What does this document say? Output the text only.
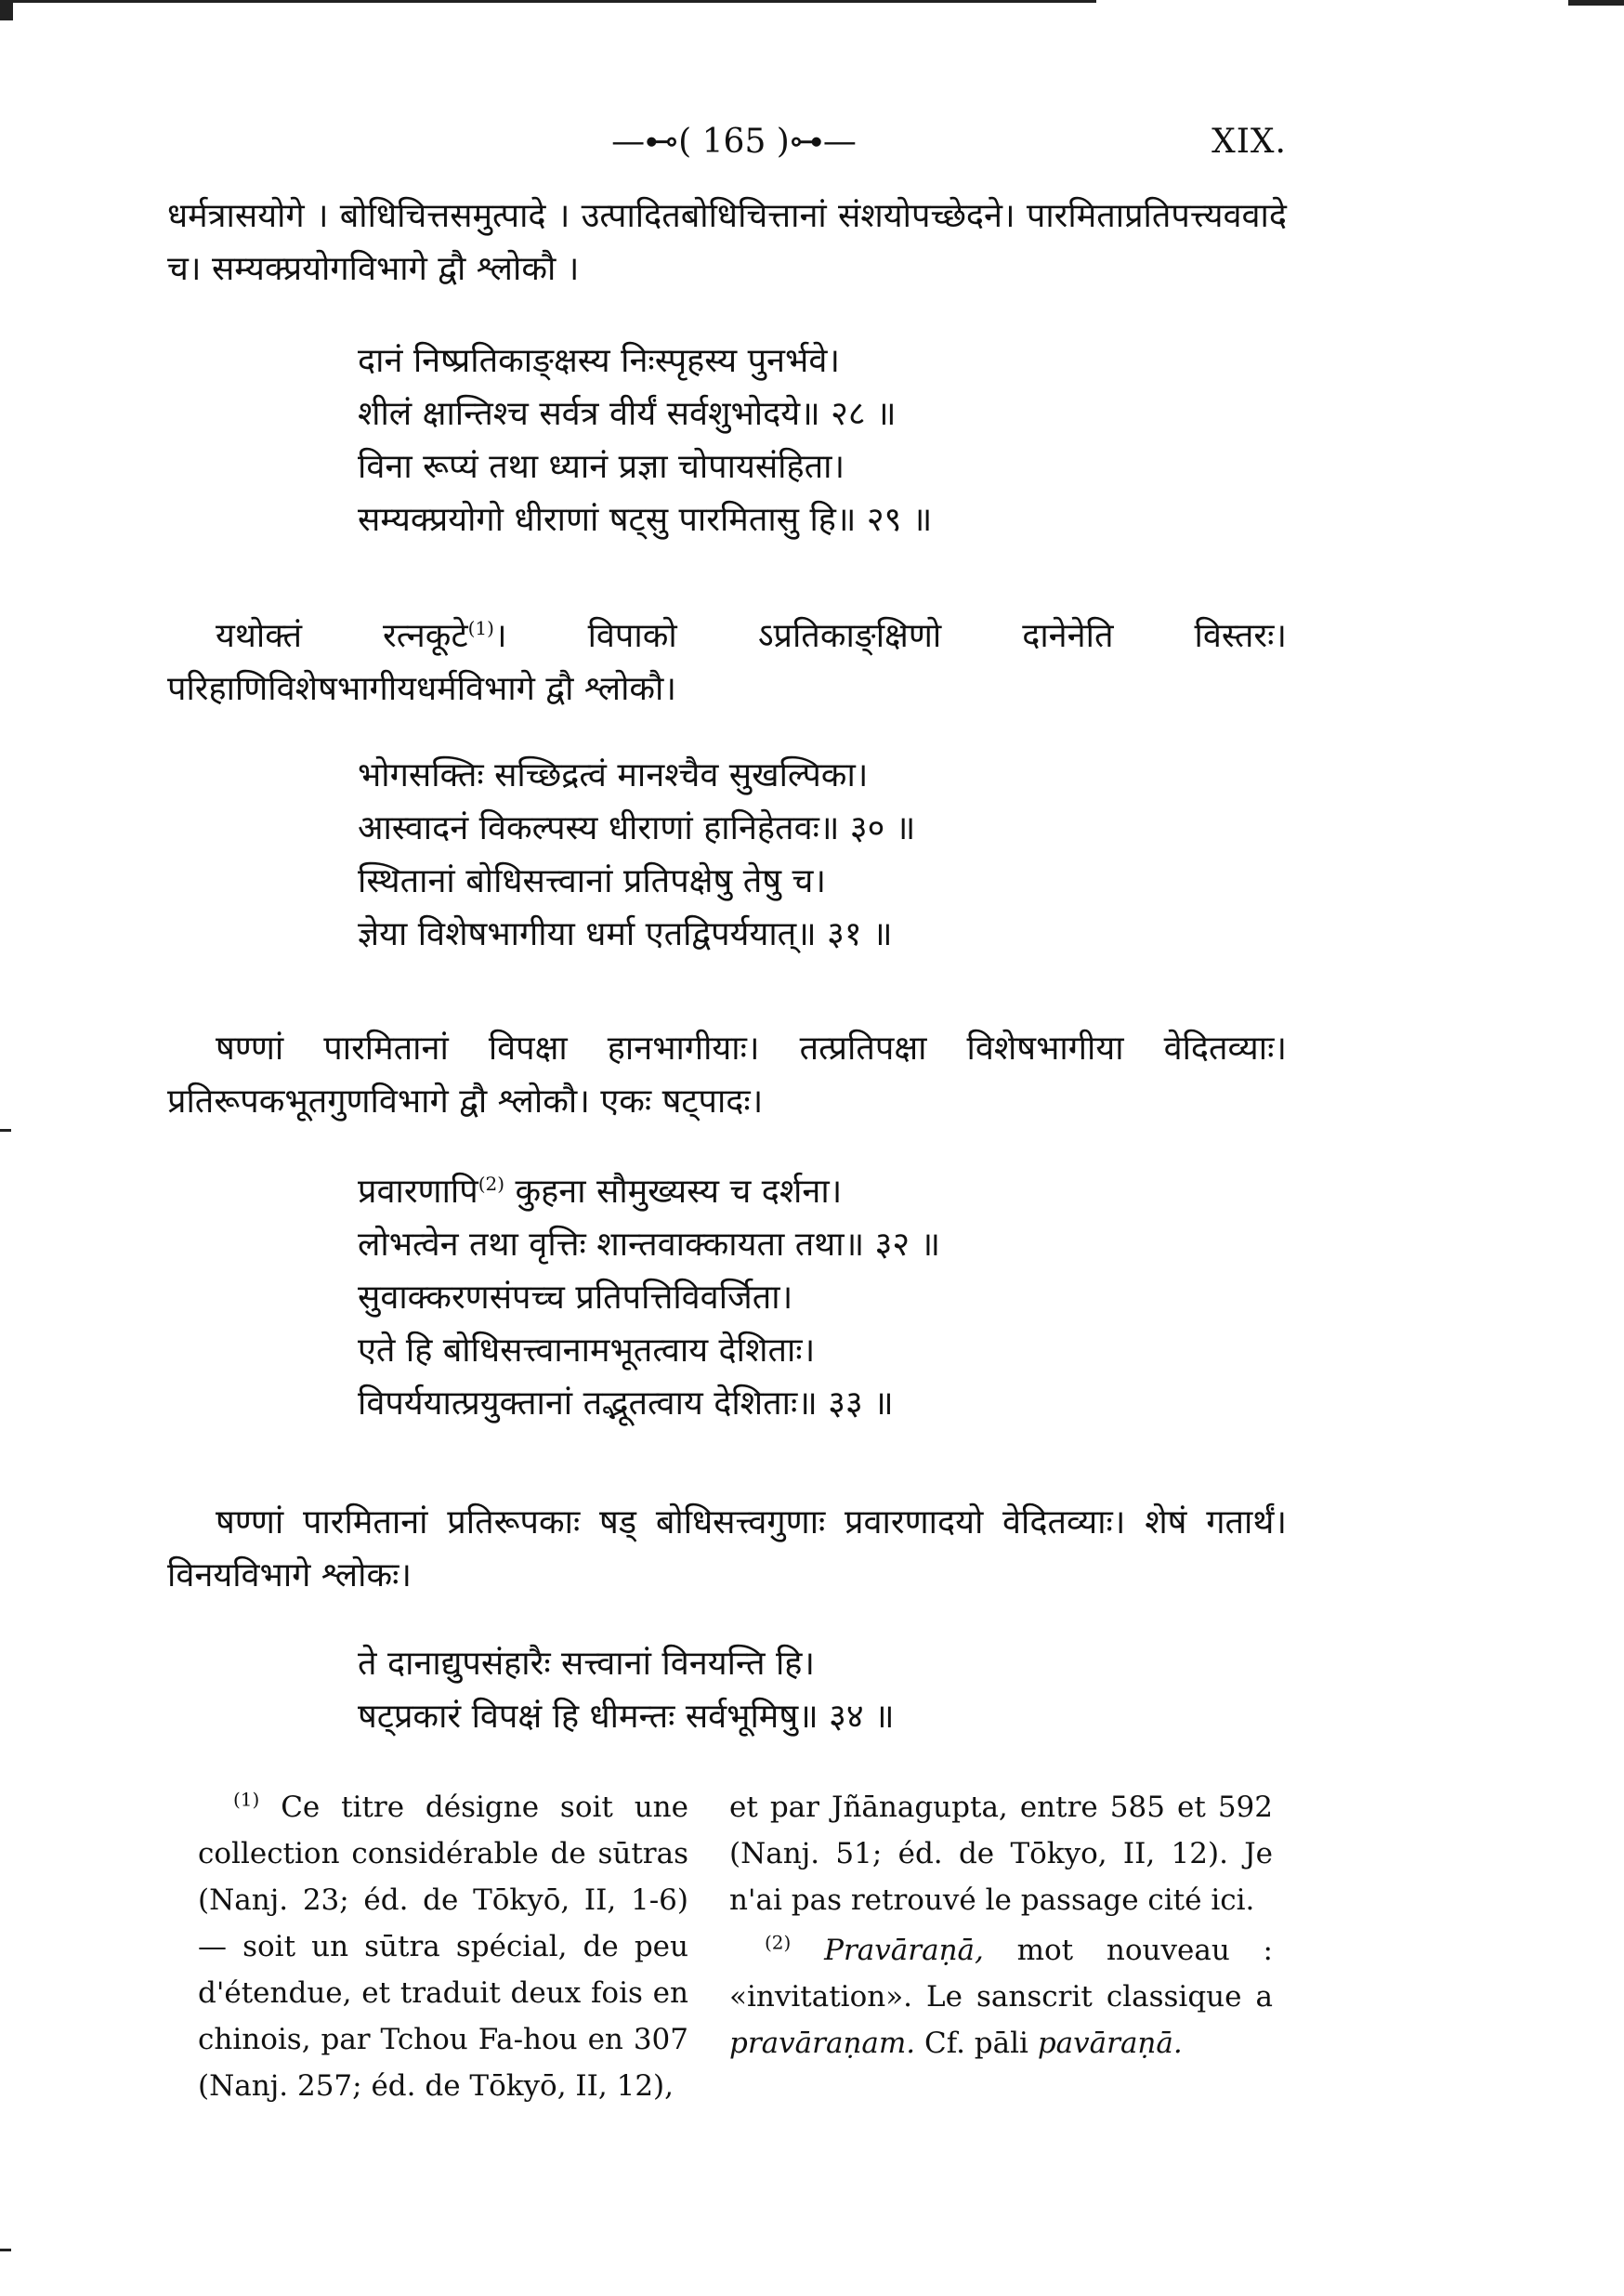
—⊷( 165 )⊶—	XIX.

धर्मत्रासयोगे । बोधिचित्तसमुत्पादे । उत्पादितबोधिचित्तानां संशयोपच्छेदने। पारमिताप्रतिपत्त्यववादे च। सम्यक्प्रयोगविभागे द्वौ श्लोकौ ।

दानं निष्प्रतिकाङ्क्षस्य निःस्पृहस्य पुनर्भवे।

शीलं क्षान्तिश्च सर्वत्र वीर्यं सर्वशुभोदये॥ २८ ॥

विना रूप्यं तथा ध्यानं प्रज्ञा चोपायसंहिता।

सम्यक्प्रयोगो धीराणां षट्सु पारमितासु हि॥ २९ ॥

यथोक्तं रत्नकूटे$^{(1)}$। विपाको ऽप्रतिकाङ्क्षिणो दानेनेति विस्तरः। परिहाणिविशेषभागीयधर्मविभागे द्वौ श्लोकौ।

भोगसक्तिः सच्छिद्रत्वं मानश्चैव सुखल्पिका।

आस्वादनं विकल्पस्य धीराणां हानिहेतवः॥ ३० ॥

स्थितानां बोधिसत्त्वानां प्रतिपक्षेषु तेषु च।

ज्ञेया विशेषभागीया धर्मा एतद्विपर्ययात्॥ ३१ ॥

षण्णां पारमितानां विपक्षा हानभागीयाः। तत्प्रतिपक्षा विशेषभागीया वेदितव्याः। प्रतिरूपकभूतगुणविभागे द्वौ श्लोकौ। एकः षट्पादः।

प्रवारणापि$^{(2)}$ कुहना सौमुख्यस्य च दर्शना।

लोभत्वेन तथा वृत्तिः शान्तवाक्कायता तथा॥ ३२ ॥

सुवाक्करणसंपच्च प्रतिपत्तिविवर्जिता।

एते हि बोधिसत्त्वानामभूतत्वाय देशिताः।

विपर्ययात्प्रयुक्तानां तद्भूतत्वाय देशिताः॥ ३३ ॥

षण्णां पारमितानां प्रतिरूपकाः षड् बोधिसत्त्वगुणाः प्रवारणादयो वेदितव्याः। शेषं गतार्थं। विनयविभागे श्लोकः।

ते दानाद्युपसंहारैः सत्त्वानां विनयन्ति हि।

षट्प्रकारं विपक्षं हि धीमन्तः सर्वभूमिषु॥ ३४ ॥

$^{(1)}$ Ce titre désigne soit une collection considérable de sūtras (Nanj. 23; éd. de Tōkyō, II, 1-6) — soit un sūtra spécial, de peu d'étendue, et traduit deux fois en chinois, par Tchou Fa-hou en 307 (Nanj. 257; éd. de Tōkyō, II, 12),

et par Jñānagupta, entre 585 et 592 (Nanj. 51; éd. de Tōkyo, II, 12). Je n'ai pas retrouvé le passage cité ici.

$^{(2)}$ Pravāraṇā, mot nouveau : «invitation». Le sanscrit classique a pravāraṇam. Cf. pāli pavāraṇā.
